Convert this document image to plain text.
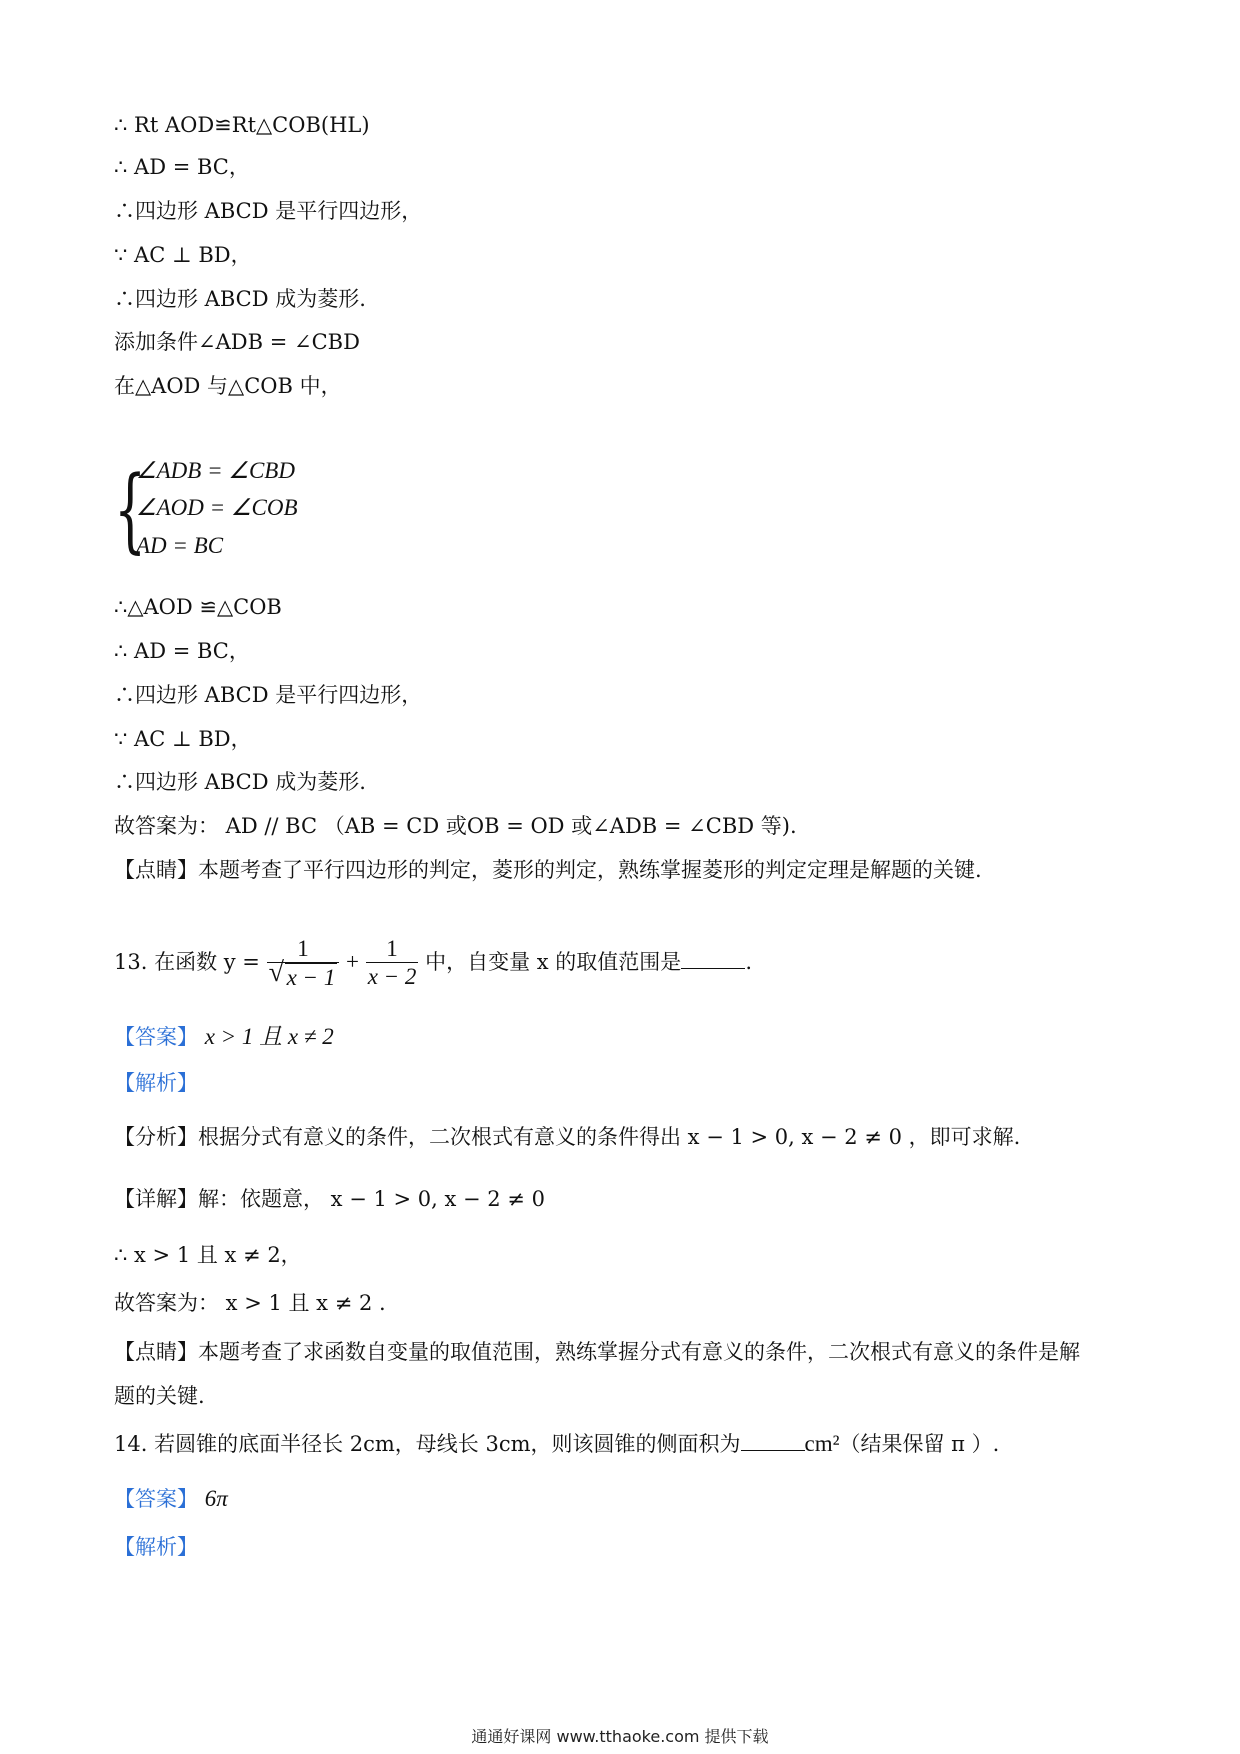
∴ Rt AOD≌Rt△COB(HL)
∴ AD = BC，
∴四边形 ABCD 是平行四边形，
∵ AC ⊥ BD，
∴四边形 ABCD 成为菱形.
添加条件∠ADB = ∠CBD
在△AOD 与△COB 中，
{
∠ADB = ∠CBD
∠AOD = ∠COB
AD = BC
∴△AOD ≌△COB
∴ AD = BC，
∴四边形 ABCD 是平行四边形，
∵ AC ⊥ BD，
∴四边形 ABCD 成为菱形.
故答案为： AD // BC （AB = CD 或OB = OD 或∠ADB = ∠CBD 等).
【点睛】本题考查了平行四边形的判定，菱形的判定，熟练掌握菱形的判定定理是解题的关键.
13. 在函数 $y = \frac{1}{√ x - 1} + \frac{1}{x - 2}$ 中，自变量 x 的取值范围是	.
【答案】 x > 1 且 x ≠ 2
【解析】
【分析】根据分式有意义的条件，二次根式有意义的条件得出 x − 1 > 0, x − 2 ≠ 0 ，即可求解.
【详解】解：依题意， x − 1 > 0, x − 2 ≠ 0
∴ x > 1 且 x ≠ 2，
故答案为： x > 1 且 x ≠ 2 .
【点睛】本题考查了求函数自变量的取值范围，熟练掌握分式有意义的条件，二次根式有意义的条件是解
题的关键.
14. 若圆锥的底面半径长 2cm，母线长 3cm，则该圆锥的侧面积为	cm²（结果保留 π ）.
【答案】 6π
【解析】
通通好课网 www.tthaoke.com 提供下载
